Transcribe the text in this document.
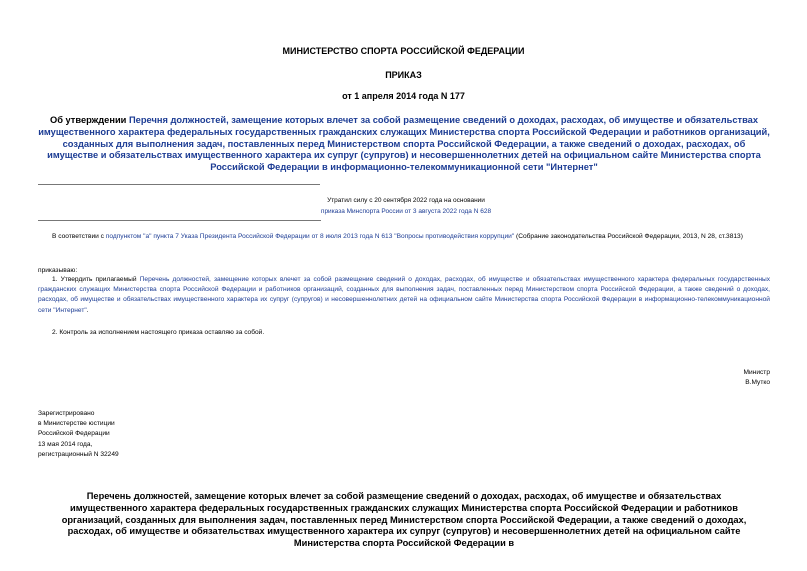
МИНИСТЕРСТВО СПОРТА РОССИЙСКОЙ ФЕДЕРАЦИИ
ПРИКАЗ
от 1 апреля 2014 года N 177
Об утверждении Перечня должностей, замещение которых влечет за собой размещение сведений о доходах, расходах, об имуществе и обязательствах имущественного характера федеральных государственных гражданских служащих Министерства спорта Российской Федерации и работников организаций, созданных для выполнения задач, поставленных перед Министерством спорта Российской Федерации, а также сведений о доходах, расходах, об имуществе и обязательствах имущественного характера их супруг (супругов) и несовершеннолетних детей на официальном сайте Министерства спорта Российской Федерации в информационно-телекоммуникационной сети "Интернет"
Утратил силу с 20 сентября 2022 года на основании
приказа Минспорта России от 3 августа 2022 года N 628
В соответствии с подпунктом "а" пункта 7 Указа Президента Российской Федерации от 8 июля 2013 года N 613 "Вопросы противодействия коррупции" (Собрание законодательства Российской Федерации, 2013, N 28, ст.3813)
приказываю:
1. Утвердить прилагаемый Перечень должностей, замещение которых влечет за собой размещение сведений о доходах, расходах, об имуществе и обязательствах имущественного характера федеральных государственных гражданских служащих Министерства спорта Российской Федерации и работников организаций, созданных для выполнения задач, поставленных перед Министерством спорта Российской Федерации, а также сведений о доходах, расходах, об имуществе и обязательствах имущественного характера их супруг (супругов) и несовершеннолетних детей на официальном сайте Министерства спорта Российской Федерации в информационно-телекоммуникационной сети "Интернет".
2. Контроль за исполнением настоящего приказа оставляю за собой.
Министр
В.Мутко
Зарегистрировано
в Министерстве юстиции
Российской Федерации
13 мая 2014 года,
регистрационный N 32249
Перечень должностей, замещение которых влечет за собой размещение сведений о доходах, расходах, об имуществе и обязательствах имущественного характера федеральных государственных гражданских служащих Министерства спорта Российской Федерации и работников организаций, созданных для выполнения задач, поставленных перед Министерством спорта Российской Федерации, а также сведений о доходах, расходах, об имуществе и обязательствах имущественного характера их супруг (супругов) и несовершеннолетних детей на официальном сайте Министерства спорта Российской Федерации в
